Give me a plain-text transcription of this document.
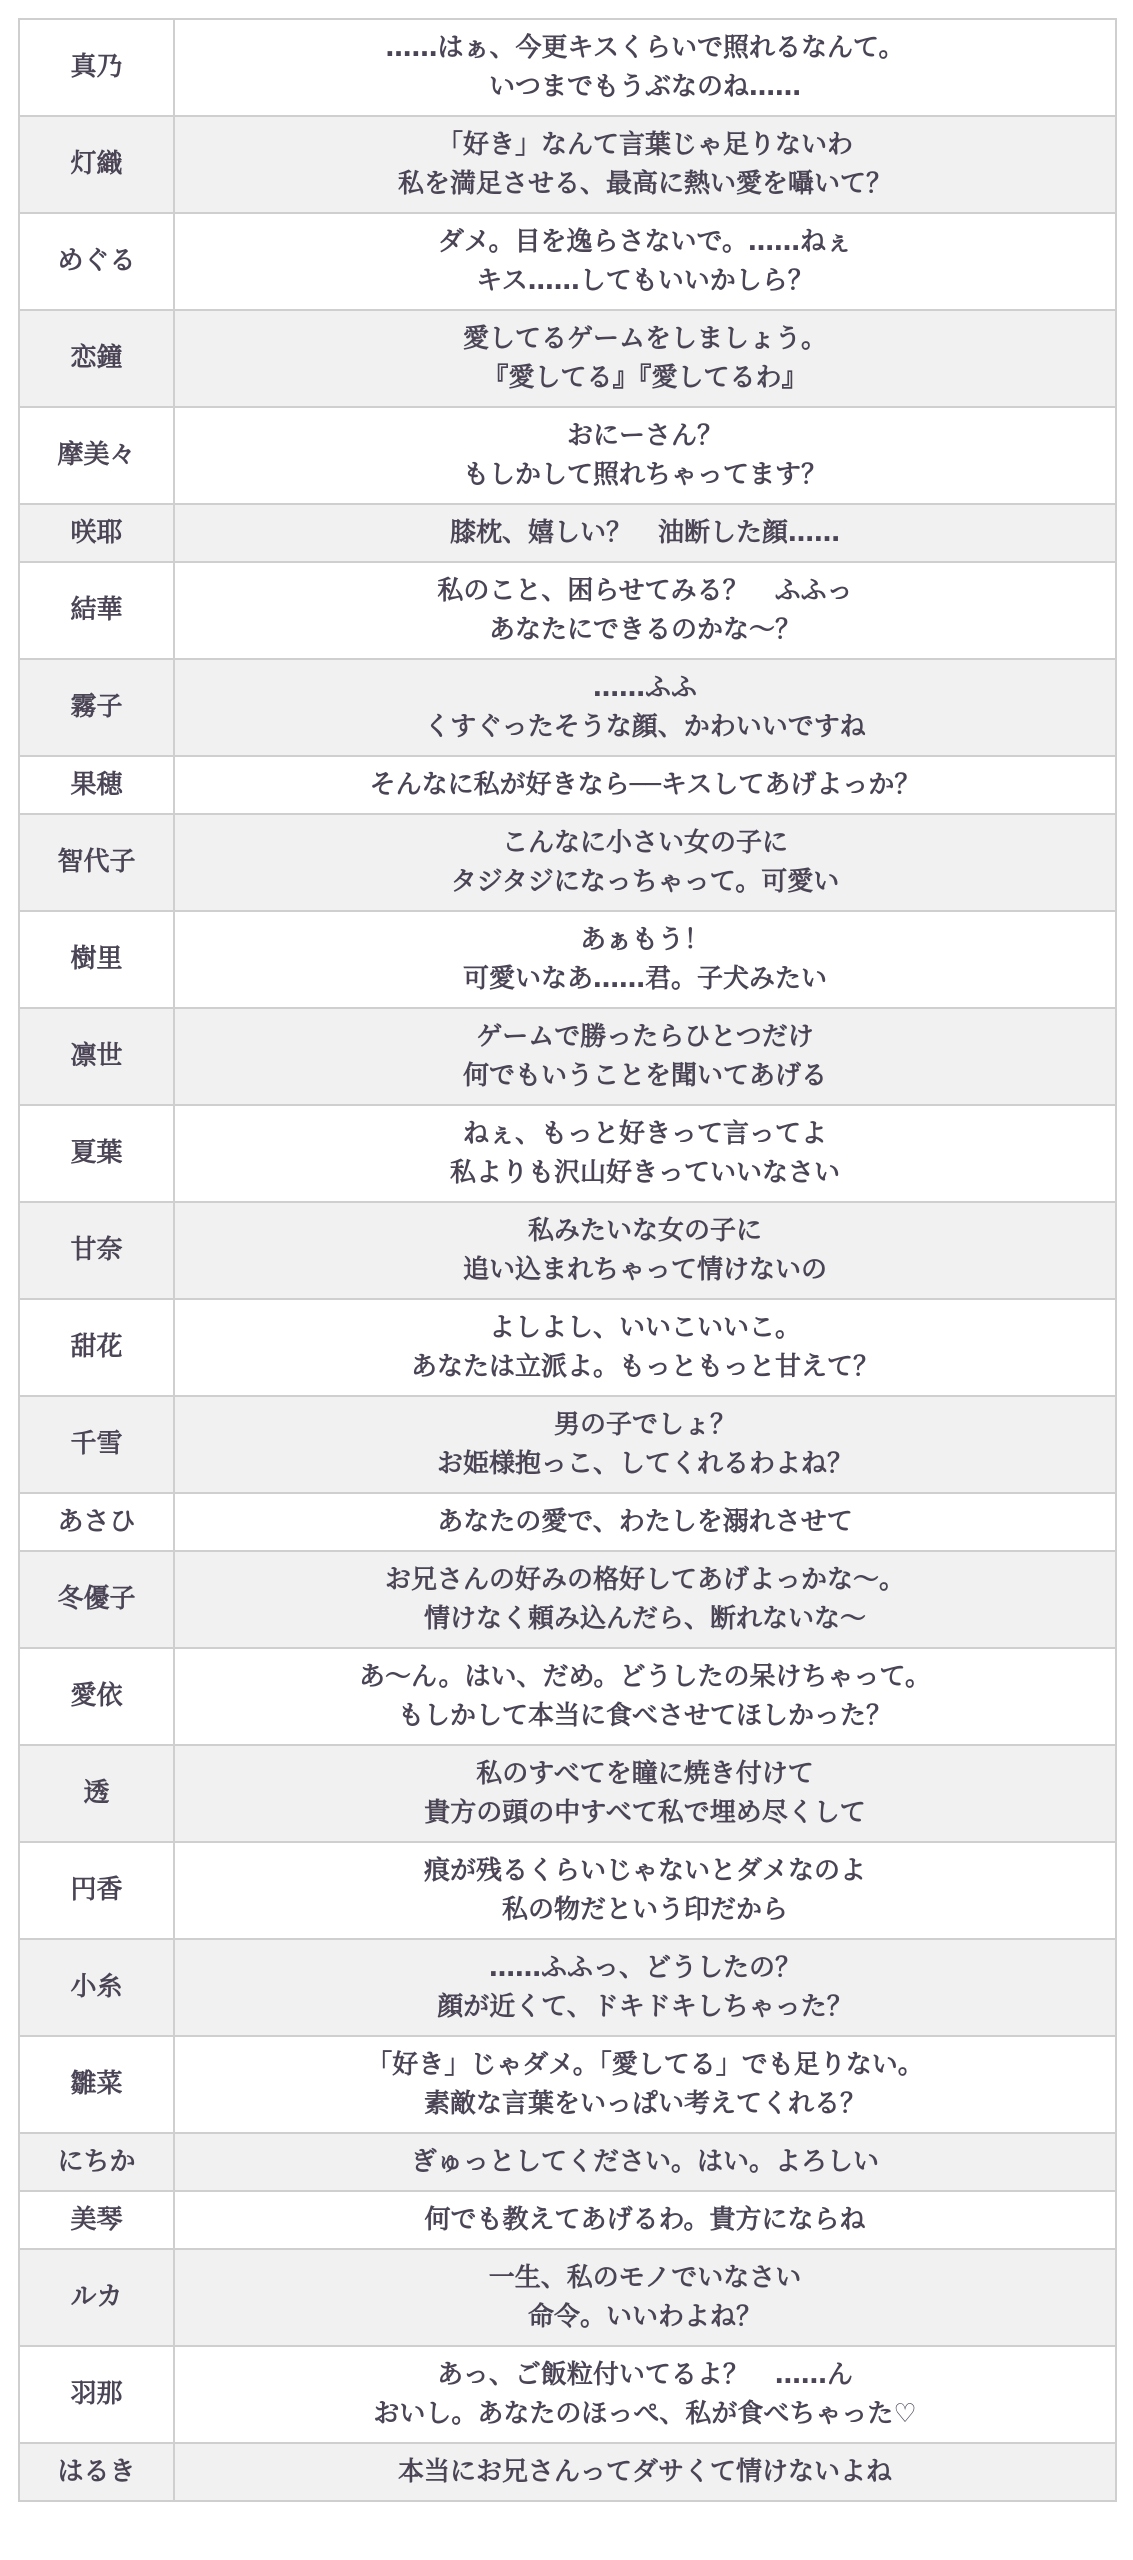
真乃	……はぁ、今更キスくらいで照れるなんて。
いつまでもうぶなのね……
灯織	「好き」なんて言葉じゃ足りないわ
私を満足させる、最高に熱い愛を囁いて？
めぐる	ダメ。目を逸らさないで。……ねぇ
キス……してもいいかしら？
恋鐘	愛してるゲームをしましょう。
『愛してる』『愛してるわ』
摩美々	おにーさん？
もしかして照れちゃってます？
咲耶	膝枕、嬉しい？　油断した顔……
結華	私のこと、困らせてみる？　ふふっ
あなたにできるのかな〜？
霧子	……ふふ
くすぐったそうな顔、かわいいですね
果穂	そんなに私が好きなら──キスしてあげよっか？
智代子	こんなに小さい女の子に
タジタジになっちゃって。可愛い
樹里	あぁもう！
可愛いなあ……君。子犬みたい
凛世	ゲームで勝ったらひとつだけ
何でもいうことを聞いてあげる
夏葉	ねぇ、もっと好きって言ってよ
私よりも沢山好きっていいなさい
甘奈	私みたいな女の子に
追い込まれちゃって情けないの
甜花	よしよし、いいこいいこ。
あなたは立派よ。もっともっと甘えて？
千雪	男の子でしょ？
お姫様抱っこ、してくれるわよね？
あさひ	あなたの愛で、わたしを溺れさせて
冬優子	お兄さんの好みの格好してあげよっかな〜。
情けなく頼み込んだら、断れないな〜
愛依	あ〜ん。はい、だめ。どうしたの呆けちゃって。
もしかして本当に食べさせてほしかった？
透	私のすべてを瞳に焼き付けて
貴方の頭の中すべて私で埋め尽くして
円香	痕が残るくらいじゃないとダメなのよ
私の物だという印だから
小糸	……ふふっ、どうしたの？
顔が近くて、ドキドキしちゃった？
雛菜	「好き」じゃダメ。「愛してる」でも足りない。
素敵な言葉をいっぱい考えてくれる？
にちか	ぎゅっとしてください。はい。よろしい
美琴	何でも教えてあげるわ。貴方にならね
ルカ	一生、私のモノでいなさい
命令。いいわよね？
羽那	あっ、ご飯粒付いてるよ？　……ん
おいし。あなたのほっぺ、私が食べちゃった♡
はるき	本当にお兄さんってダサくて情けないよね
